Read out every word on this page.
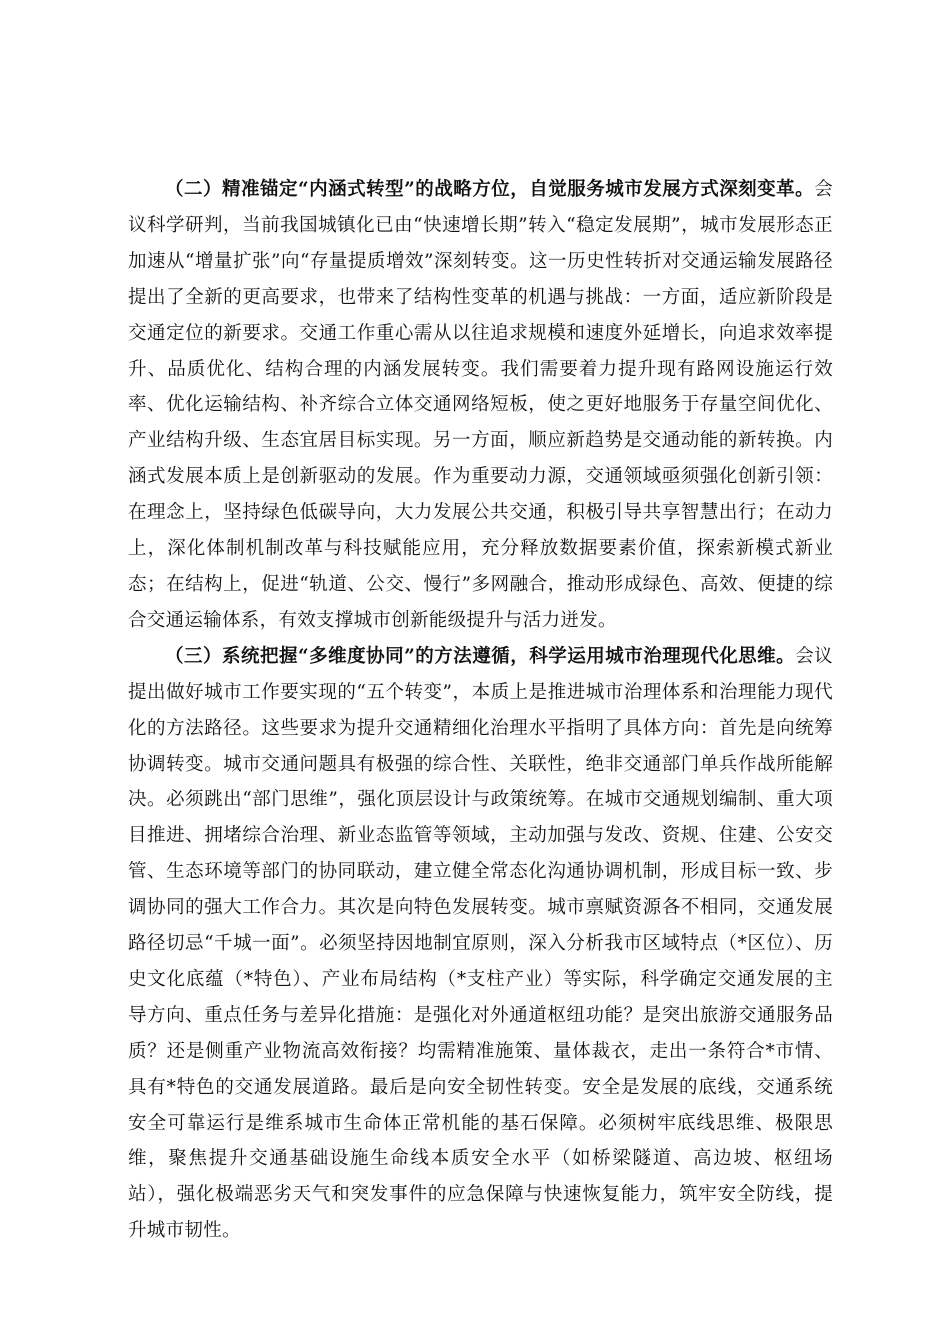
（二）精准锚定“内涵式转型”的战略方位，自觉服务城市发展方式深刻变革。会议科学研判，当前我国城镇化已由“快速增长期”转入“稳定发展期”，城市发展形态正加速从“增量扩张”向“存量提质增效”深刻转变。这一历史性转折对交通运输发展路径提出了全新的更高要求，也带来了结构性变革的机遇与挑战：一方面，适应新阶段是交通定位的新要求。交通工作重心需从以往追求规模和速度外延增长，向追求效率提升、品质优化、结构合理的内涵发展转变。我们需要着力提升现有路网设施运行效率、优化运输结构、补齐综合立体交通网络短板，使之更好地服务于存量空间优化、产业结构升级、生态宜居目标实现。另一方面，顺应新趋势是交通动能的新转换。内涵式发展本质上是创新驱动的发展。作为重要动力源，交通领域亟须强化创新引领：在理念上，坚持绿色低碳导向，大力发展公共交通，积极引导共享智慧出行；在动力上，深化体制机制改革与科技赋能应用，充分释放数据要素价值，探索新模式新业态；在结构上，促进“轨道、公交、慢行”多网融合，推动形成绿色、高效、便捷的综合交通运输体系，有效支撑城市创新能级提升与活力迸发。

（三）系统把握“多维度协同”的方法遵循，科学运用城市治理现代化思维。会议提出做好城市工作要实现的“五个转变”，本质上是推进城市治理体系和治理能力现代化的方法路径。这些要求为提升交通精细化治理水平指明了具体方向：首先是向统筹协调转变。城市交通问题具有极强的综合性、关联性，绝非交通部门单兵作战所能解决。必须跳出“部门思维”，强化顶层设计与政策统筹。在城市交通规划编制、重大项目推进、拥堵综合治理、新业态监管等领域，主动加强与发改、资规、住建、公安交管、生态环境等部门的协同联动，建立健全常态化沟通协调机制，形成目标一致、步调协同的强大工作合力。其次是向特色发展转变。城市禀赋资源各不相同，交通发展路径切忌“千城一面”。必须坚持因地制宜原则，深入分析我市区域特点（*区位）、历史文化底蕴（*特色）、产业布局结构（*支柱产业）等实际，科学确定交通发展的主导方向、重点任务与差异化措施：是强化对外通道枢纽功能？是突出旅游交通服务品质？还是侧重产业物流高效衔接？均需精准施策、量体裁衣，走出一条符合*市情、具有*特色的交通发展道路。最后是向安全韧性转变。安全是发展的底线，交通系统安全可靠运行是维系城市生命体正常机能的基石保障。必须树牢底线思维、极限思维，聚焦提升交通基础设施生命线本质安全水平（如桥梁隧道、高边坡、枢纽场站），强化极端恶劣天气和突发事件的应急保障与快速恢复能力，筑牢安全防线，提升城市韧性。
